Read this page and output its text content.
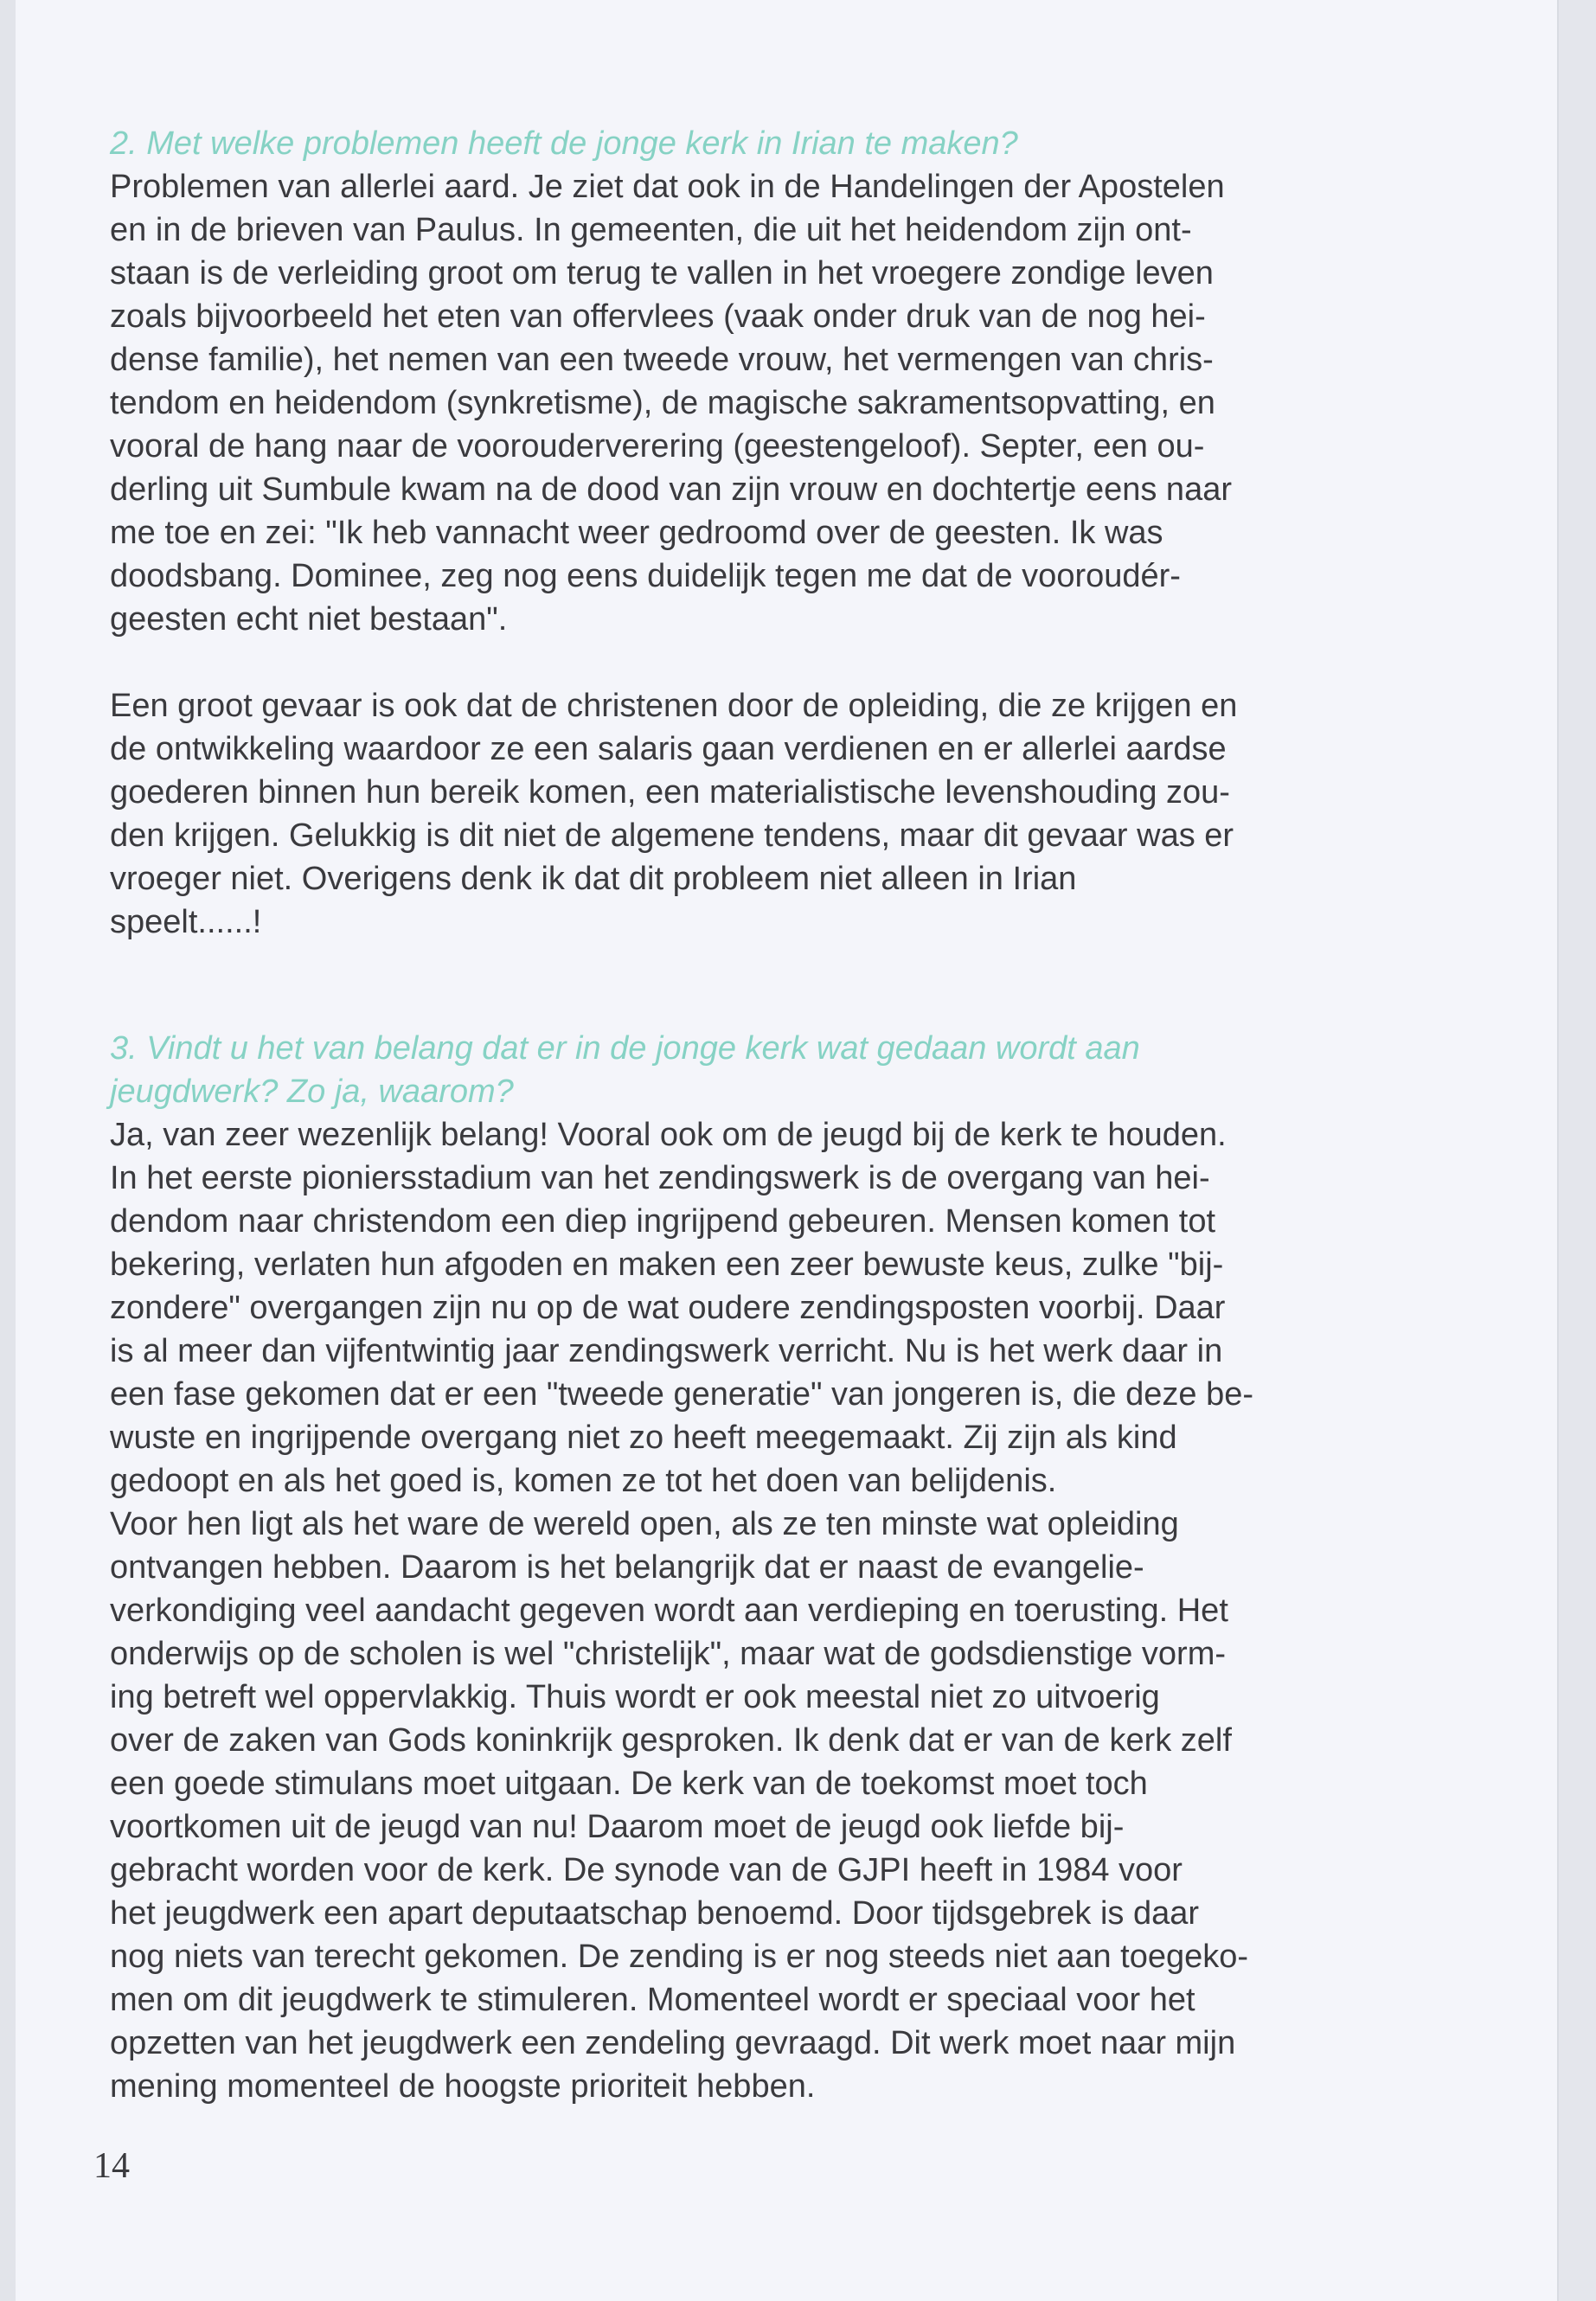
2. Met welke problemen heeft de jonge kerk in Irian te maken?
Problemen van allerlei aard. Je ziet dat ook in de Handelingen der Apostelen
en in de brieven van Paulus. In gemeenten, die uit het heidendom zijn ont-
staan is de verleiding groot om terug te vallen in het vroegere zondige leven
zoals bijvoorbeeld het eten van offervlees (vaak onder druk van de nog hei-
dense familie), het nemen van een tweede vrouw, het vermengen van chris-
tendom en heidendom (synkretisme), de magische sakramentsopvatting, en
vooral de hang naar de voorouderverering (geestengeloof). Septer, een ou-
derling uit Sumbule kwam na de dood van zijn vrouw en dochtertje eens naar
me toe en zei: "Ik heb vannacht weer gedroomd over de geesten. Ik was
doodsbang. Dominee, zeg nog eens duidelijk tegen me dat de vooroudér-
geesten echt niet bestaan".
Een groot gevaar is ook dat de christenen door de opleiding, die ze krijgen en
de ontwikkeling waardoor ze een salaris gaan verdienen en er allerlei aardse
goederen binnen hun bereik komen, een materialistische levenshouding zou-
den krijgen. Gelukkig is dit niet de algemene tendens, maar dit gevaar was er
vroeger niet. Overigens denk ik dat dit probleem niet alleen in Irian
speelt......!
3. Vindt u het van belang dat er in de jonge kerk wat gedaan wordt aan
jeugdwerk? Zo ja, waarom?
Ja, van zeer wezenlijk belang! Vooral ook om de jeugd bij de kerk te houden.
In het eerste pioniersstadium van het zendingswerk is de overgang van hei-
dendom naar christendom een diep ingrijpend gebeuren. Mensen komen tot
bekering, verlaten hun afgoden en maken een zeer bewuste keus, zulke "bij-
zondere" overgangen zijn nu op de wat oudere zendingsposten voorbij. Daar
is al meer dan vijfentwintig jaar zendingswerk verricht. Nu is het werk daar in
een fase gekomen dat er een "tweede generatie" van jongeren is, die deze be-
wuste en ingrijpende overgang niet zo heeft meegemaakt. Zij zijn als kind
gedoopt en als het goed is, komen ze tot het doen van belijdenis.
Voor hen ligt als het ware de wereld open, als ze ten minste wat opleiding
ontvangen hebben. Daarom is het belangrijk dat er naast de evangelie-
verkondiging veel aandacht gegeven wordt aan verdieping en toerusting. Het
onderwijs op de scholen is wel "christelijk", maar wat de godsdienstige vorm-
ing betreft wel oppervlakkig. Thuis wordt er ook meestal niet zo uitvoerig
over de zaken van Gods koninkrijk gesproken. Ik denk dat er van de kerk zelf
een goede stimulans moet uitgaan. De kerk van de toekomst moet toch
voortkomen uit de jeugd van nu! Daarom moet de jeugd ook liefde bij-
gebracht worden voor de kerk. De synode van de GJPI heeft in 1984 voor
het jeugdwerk een apart deputaatschap benoemd. Door tijdsgebrek is daar
nog niets van terecht gekomen. De zending is er nog steeds niet aan toegeko-
men om dit jeugdwerk te stimuleren. Momenteel wordt er speciaal voor het
opzetten van het jeugdwerk een zendeling gevraagd. Dit werk moet naar mijn
mening momenteel de hoogste prioriteit hebben.
14
